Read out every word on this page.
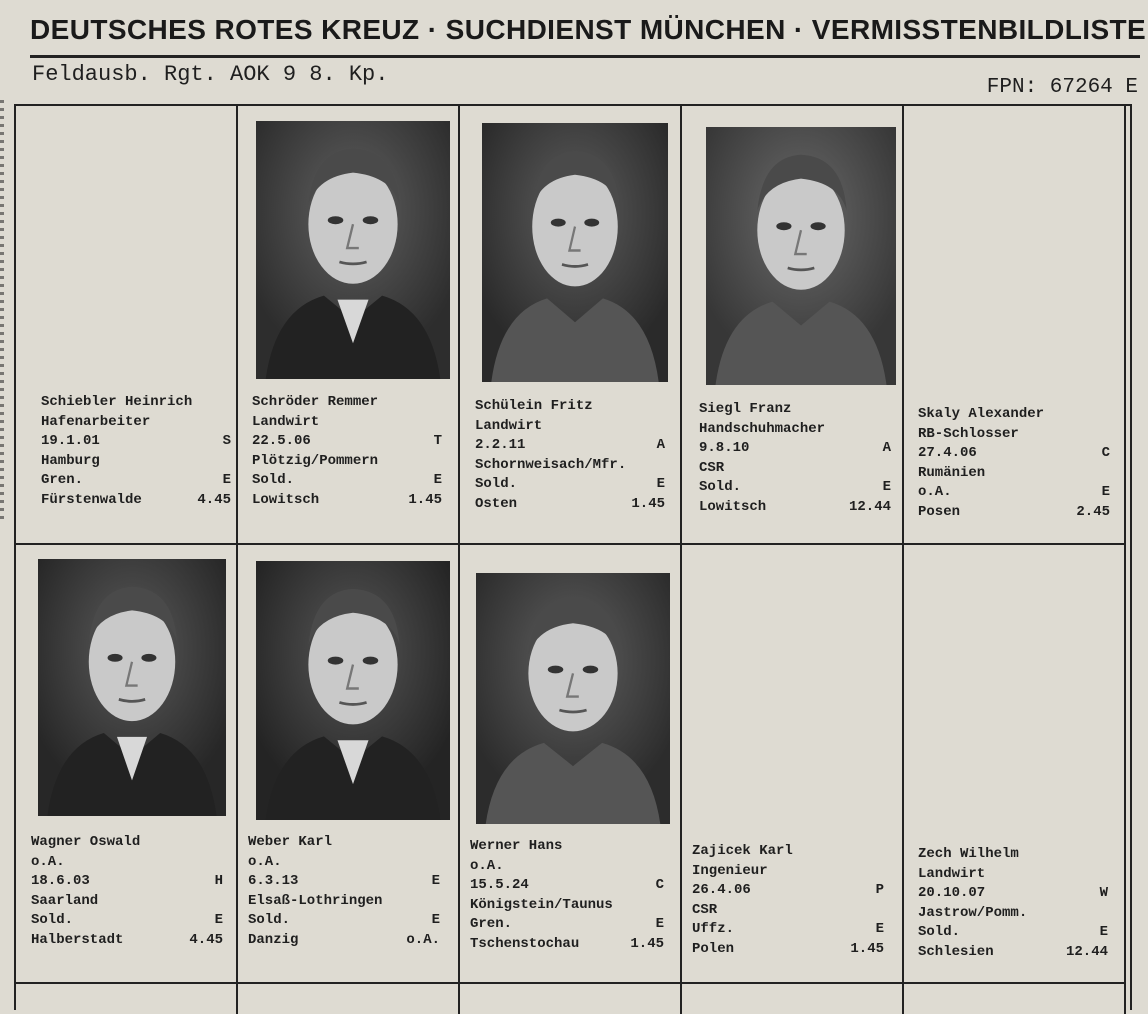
DEUTSCHES ROTES KREUZ · SUCHDIENST MÜNCHEN · VERMISSTENBILDLISTE
Feldausb. Rgt. AOK 9 8. Kp.
FPN: 67264 E
Schiebler Heinrich
Hafenarbeiter
19.1.01	S
Hamburg
Gren.	E
Fürstenwalde	4.45
Schröder Remmer
Landwirt
22.5.06	T
Plötzig/Pommern
Sold.	E
Lowitsch	1.45
Schülein Fritz
Landwirt
2.2.11	A
Schornweisach/Mfr.
Sold.	E
Osten	1.45
Siegl Franz
Handschuhmacher
9.8.10	A
CSR
Sold.	E
Lowitsch	12.44
Skaly Alexander
RB-Schlosser
27.4.06	C
Rumänien
o.A.	E
Posen	2.45
Wagner Oswald
o.A.
18.6.03	H
Saarland
Sold.	E
Halberstadt	4.45
Weber Karl
o.A.
6.3.13	E
Elsaß-Lothringen
Sold.	E
Danzig	o.A.
Werner Hans
o.A.
15.5.24	C
Königstein/Taunus
Gren.	E
Tschenstochau	1.45
Zajicek Karl
Ingenieur
26.4.06	P
CSR
Uffz.	E
Polen	1.45
Zech Wilhelm
Landwirt
20.10.07	W
Jastrow/Pomm.
Sold.	E
Schlesien	12.44
